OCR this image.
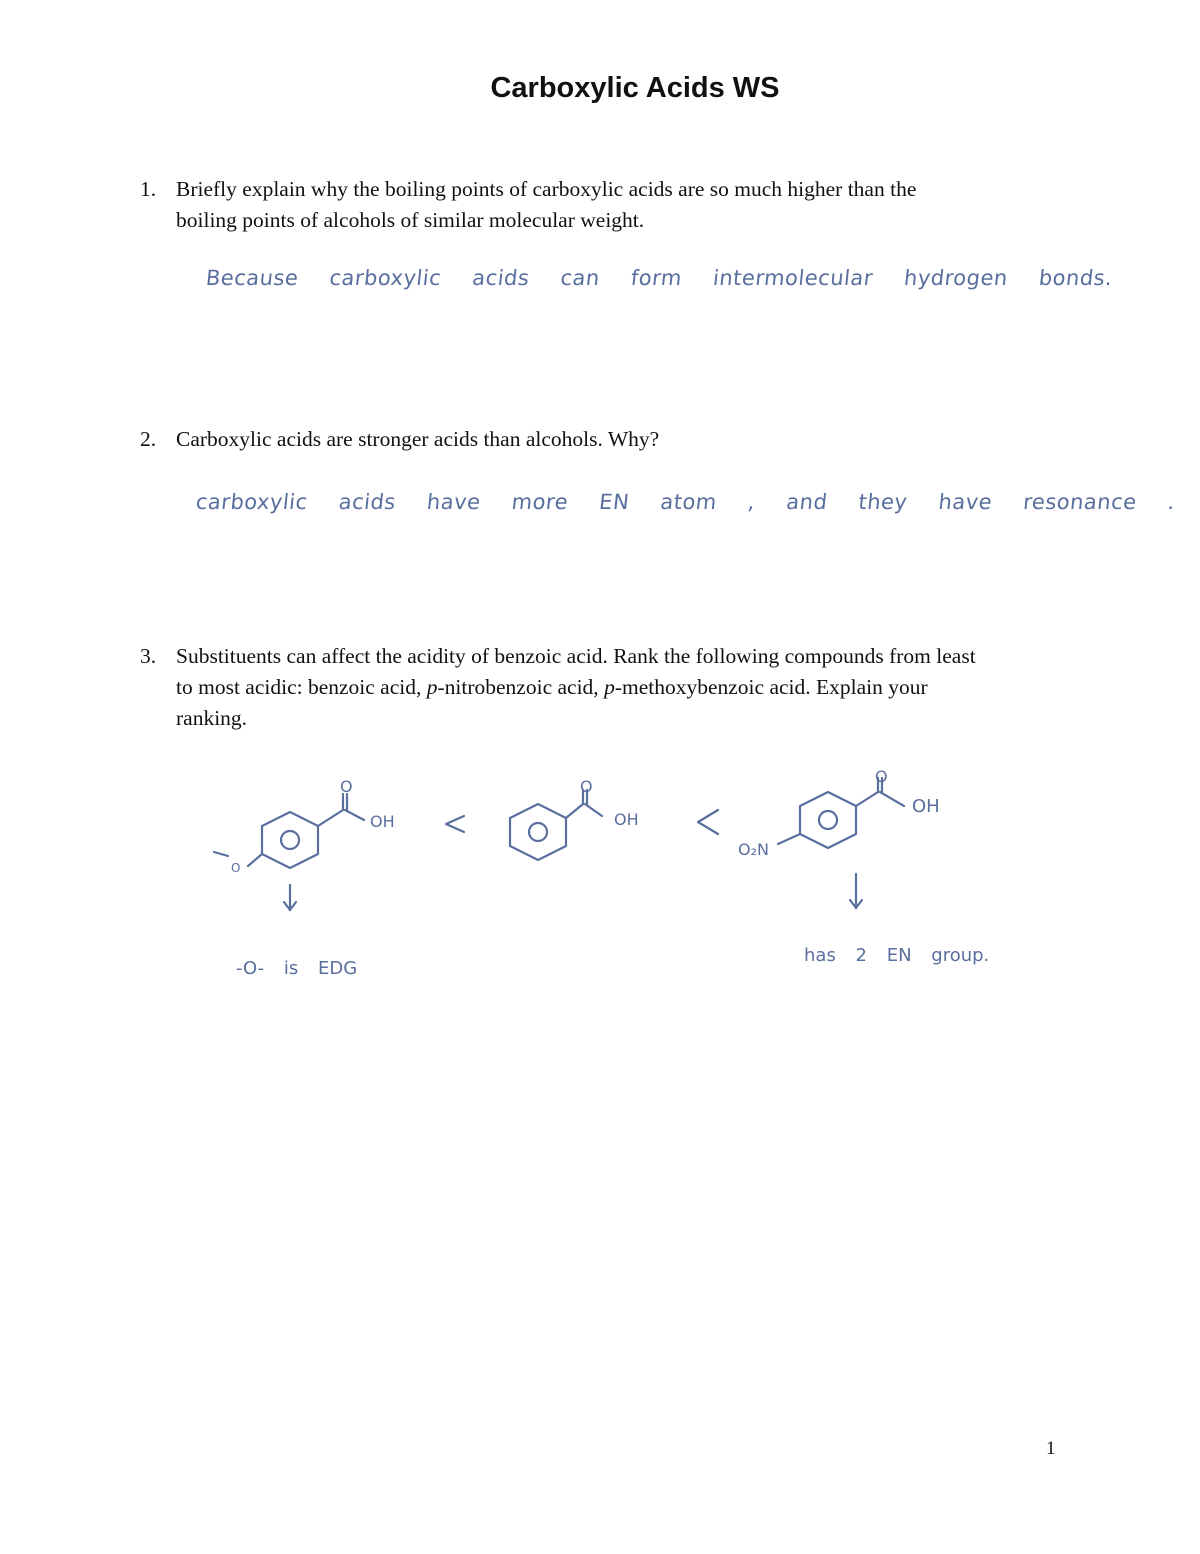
Carboxylic Acids WS
1. Briefly explain why the boiling points of carboxylic acids are so much higher than the
boiling points of alcohols of similar molecular weight.
Because carboxylic acids can form intermolecular hydrogen bonds.
2. Carboxylic acids are stronger acids than alcohols. Why?
carboxylic acids have more EN atom , and they have resonance .
3. Substituents can affect the acidity of benzoic acid. Rank the following compounds from least
to most acidic: benzoic acid, p-nitrobenzoic acid, p-methoxybenzoic acid. Explain your
ranking.
O
OH
O
O
OH
O
OH
O₂N
-O- is EDG
has 2 EN group.
1
